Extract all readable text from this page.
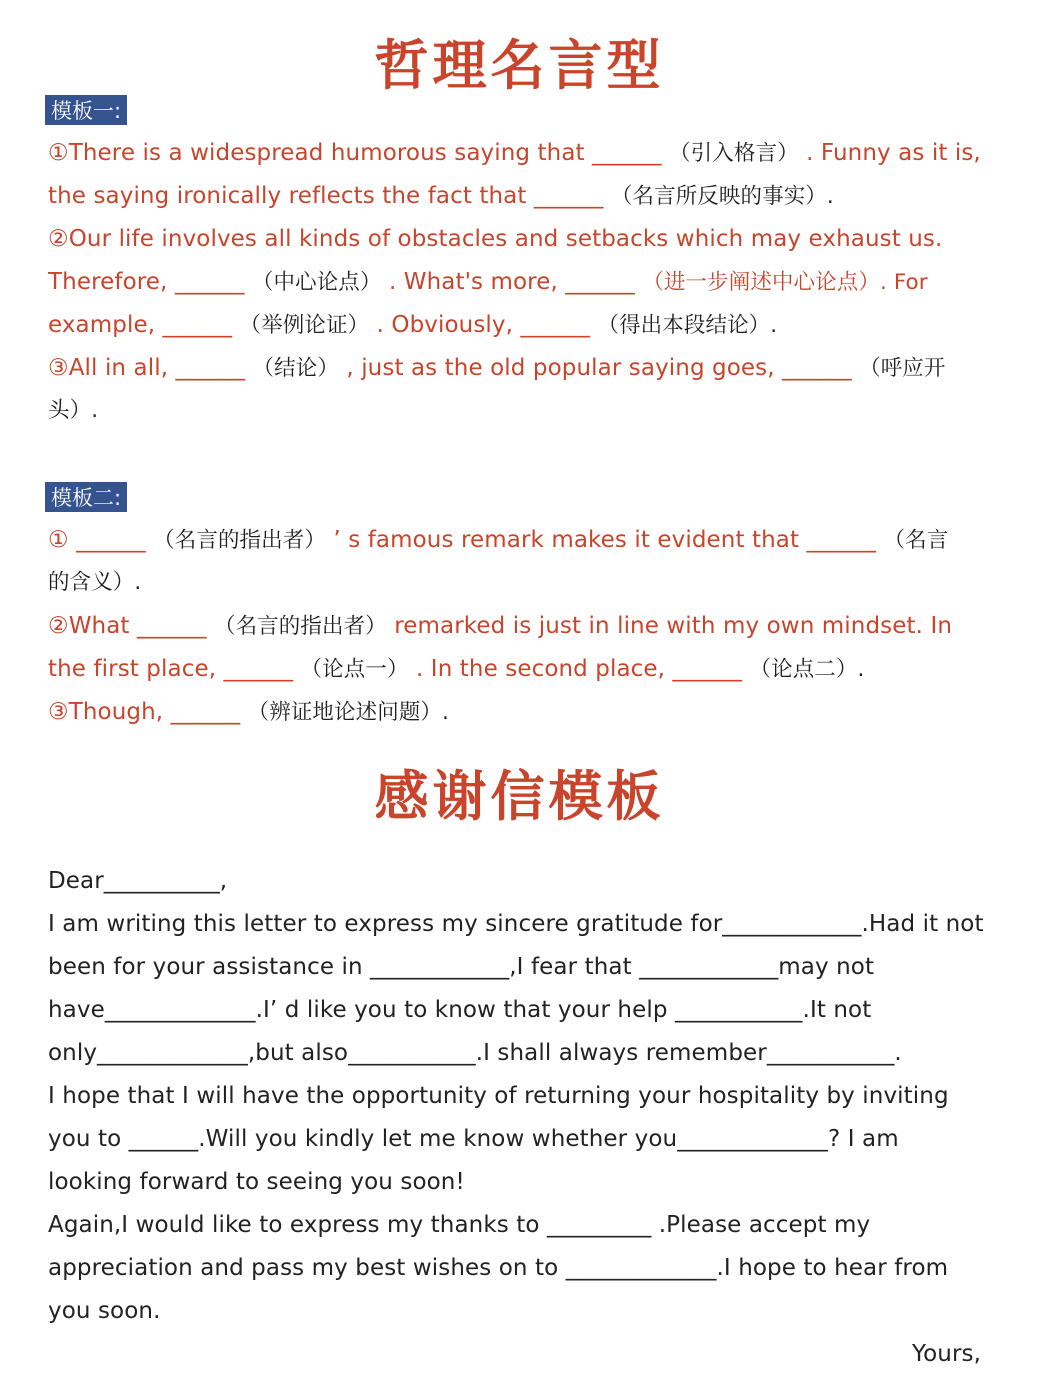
哲理名言型
模板一:
①There is a widespread humorous saying that ______ （引入格言） . Funny as it is,
the saying ironically reflects the fact that ______ （名言所反映的事实）.
②Our life involves all kinds of obstacles and setbacks which may exhaust us.
Therefore, ______ （中心论点） . What's more, ______ （进一步阐述中心论点）. For
example, ______ （举例论证） . Obviously, ______ （得出本段结论）.
③All in all, ______ （结论） , just as the old popular saying goes, ______ （呼应开
头）.
模板二:
① ______ （名言的指出者） ’ s famous remark makes it evident that ______ （名言
的含义）.
②What ______ （名言的指出者） remarked is just in line with my own mindset. In
the first place, ______ （论点一） . In the second place, ______ （论点二）.
③Though, ______ （辨证地论述问题）.
感谢信模板
Dear__________,
I am writing this letter to express my sincere gratitude for____________.Had it not
been for your assistance in ____________,I fear that ____________may not
have_____________.I’ d like you to know that your help ___________.It not
only_____________,but also___________.I shall always remember___________.
I hope that I will have the opportunity of returning your hospitality by inviting
you to ______.Will you kindly let me know whether you_____________? I am
looking forward to seeing you soon!
Again,I would like to express my thanks to _________ .Please accept my
appreciation and pass my best wishes on to _____________.I hope to hear from
you soon.
Yours,
